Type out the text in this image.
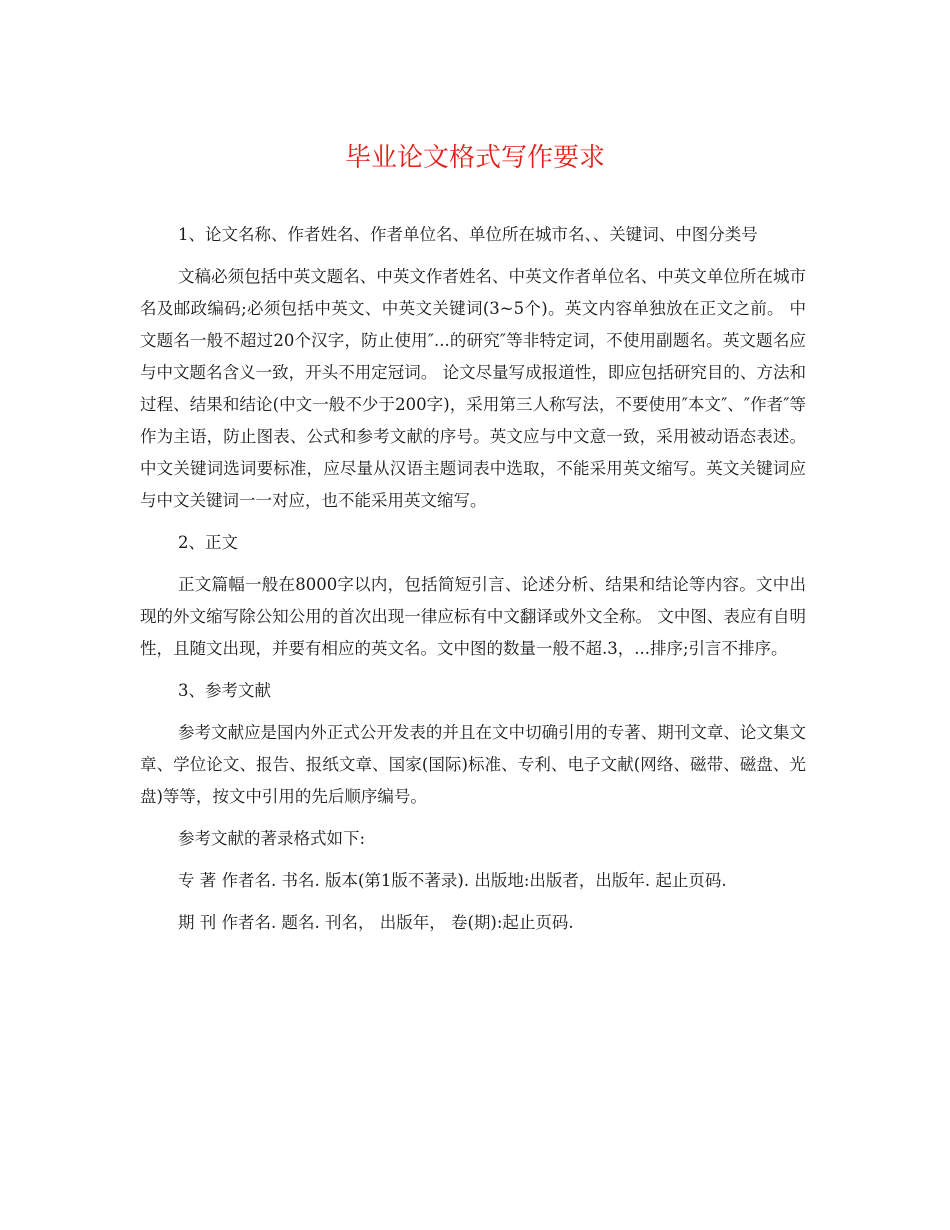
毕业论文格式写作要求

1、论文名称、作者姓名、作者单位名、单位所在城市名、、关键词、中图分类号

文稿必须包括中英文题名、中英文作者姓名、中英文作者单位名、中英文单位所在城市名及邮政编码;必须包括中英文、中英文关键词(3~5个)。英文内容单独放在正文之前。 中文题名一般不超过20个汉字，防止使用″...的研究″等非特定词，不使用副题名。英文题名应与中文题名含义一致，开头不用定冠词。 论文尽量写成报道性，即应包括研究目的、方法和过程、结果和结论(中文一般不少于200字)，采用第三人称写法，不要使用″本文″、″作者″等作为主语，防止图表、公式和参考文献的序号。英文应与中文意一致，采用被动语态表述。 中文关键词选词要标准，应尽量从汉语主题词表中选取，不能采用英文缩写。英文关键词应与中文关键词一一对应，也不能采用英文缩写。

2、正文

正文篇幅一般在8000字以内，包括简短引言、论述分析、结果和结论等内容。文中出现的外文缩写除公知公用的首次出现一律应标有中文翻译或外文全称。 文中图、表应有自明性，且随文出现，并要有相应的英文名。文中图的数量一般不超.3，...排序;引言不排序。

3、参考文献

参考文献应是国内外正式公开发表的并且在文中切确引用的专著、期刊文章、论文集文章、学位论文、报告、报纸文章、国家(国际)标准、专利、电子文献(网络、磁带、磁盘、光盘)等等，按文中引用的先后顺序编号。

参考文献的著录格式如下:

专 著 作者名. 书名. 版本(第1版不著录). 出版地:出版者，出版年. 起止页码.

期 刊 作者名. 题名. 刊名， 出版年， 卷(期):起止页码.
